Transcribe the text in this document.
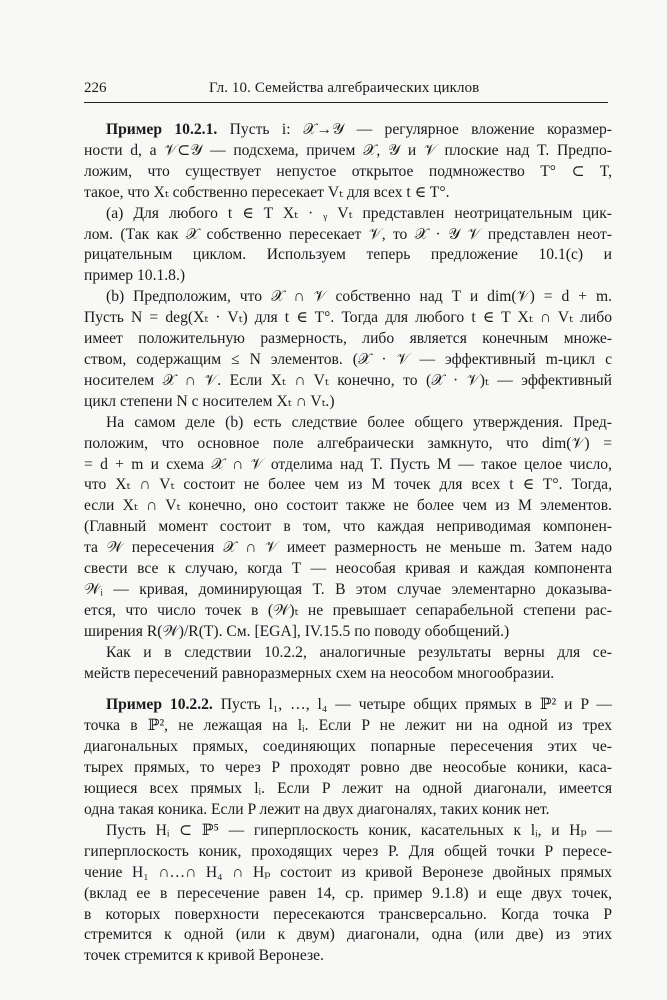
226	Гл. 10. Семейства алгебраических циклов
Пример 10.2.1. Пусть i: 𝒳→𝒴 — регулярное вложение коразмер-
ности d, а 𝒱⊂𝒴 — подсхема, причем 𝒳, 𝒴 и 𝒱 плоские над T. Предпо-
ложим, что существует непустое открытое подмножество T° ⊂ T,
такое, что Xₜ собственно пересекает Vₜ для всех t ∈ T°.
(a) Для любого t ∈ T Xₜ · ᵧ Vₜ представлен неотрицательным цик-
лом. (Так как 𝒳 собственно пересекает 𝒱, то 𝒳 · 𝒴 𝒱 представлен неот-
рицательным циклом. Используем теперь предложение 10.1(c) и
пример 10.1.8.)
(b) Предположим, что 𝒳 ∩ 𝒱 собственно над T и dim(𝒱) = d + m.
Пусть N = deg(Xₜ · Vₜ) для t ∈ T°. Тогда для любого t ∈ T Xₜ ∩ Vₜ либо
имеет положительную размерность, либо является конечным множе-
ством, содержащим ≤ N элементов. (𝒳 · 𝒱 — эффективный m-цикл с
носителем 𝒳 ∩ 𝒱. Если Xₜ ∩ Vₜ конечно, то (𝒳 · 𝒱)ₜ — эффективный
цикл степени N с носителем Xₜ ∩ Vₜ.)
На самом деле (b) есть следствие более общего утверждения. Пред-
положим, что основное поле алгебраически замкнуто, что dim(𝒱) =
= d + m и схема 𝒳 ∩ 𝒱 отделима над T. Пусть M — такое целое число,
что Xₜ ∩ Vₜ состоит не более чем из M точек для всех t ∈ T°. Тогда,
если Xₜ ∩ Vₜ конечно, оно состоит также не более чем из M элементов.
(Главный момент состоит в том, что каждая неприводимая компонен-
та 𝒲 пересечения 𝒳 ∩ 𝒱 имеет размерность не меньше m. Затем надо
свести все к случаю, когда T — неособая кривая и каждая компонента
𝒲ᵢ — кривая, доминирующая T. В этом случае элементарно доказыва-
ется, что число точек в (𝒲)ₜ не превышает сепарабельной степени рас-
ширения R(𝒲)/R(T). См. [EGA], IV.15.5 по поводу обобщений.)
Как и в следствии 10.2.2, аналогичные результаты верны для се-
мейств пересечений равноразмерных схем на неособом многообразии.
Пример 10.2.2. Пусть l₁, …, l₄ — четыре общих прямых в ℙ² и P —
точка в ℙ², не лежащая на lᵢ. Если P не лежит ни на одной из трех
диагональных прямых, соединяющих попарные пересечения этих че-
тырех прямых, то через P проходят ровно две неособые коники, каса-
ющиеся всех прямых lᵢ. Если P лежит на одной диагонали, имеется
одна такая коника. Если P лежит на двух диагоналях, таких коник нет.
Пусть Hᵢ ⊂ ℙ⁵ — гиперплоскость коник, касательных к lᵢ, и Hₚ —
гиперплоскость коник, проходящих через P. Для общей точки P пересе-
чение H₁ ∩…∩ H₄ ∩ Hₚ состоит из кривой Веронезе двойных прямых
(вклад ее в пересечение равен 14, ср. пример 9.1.8) и еще двух точек,
в которых поверхности пересекаются трансверсально. Когда точка P
стремится к одной (или к двум) диагонали, одна (или две) из этих
точек стремится к кривой Веронезе.
